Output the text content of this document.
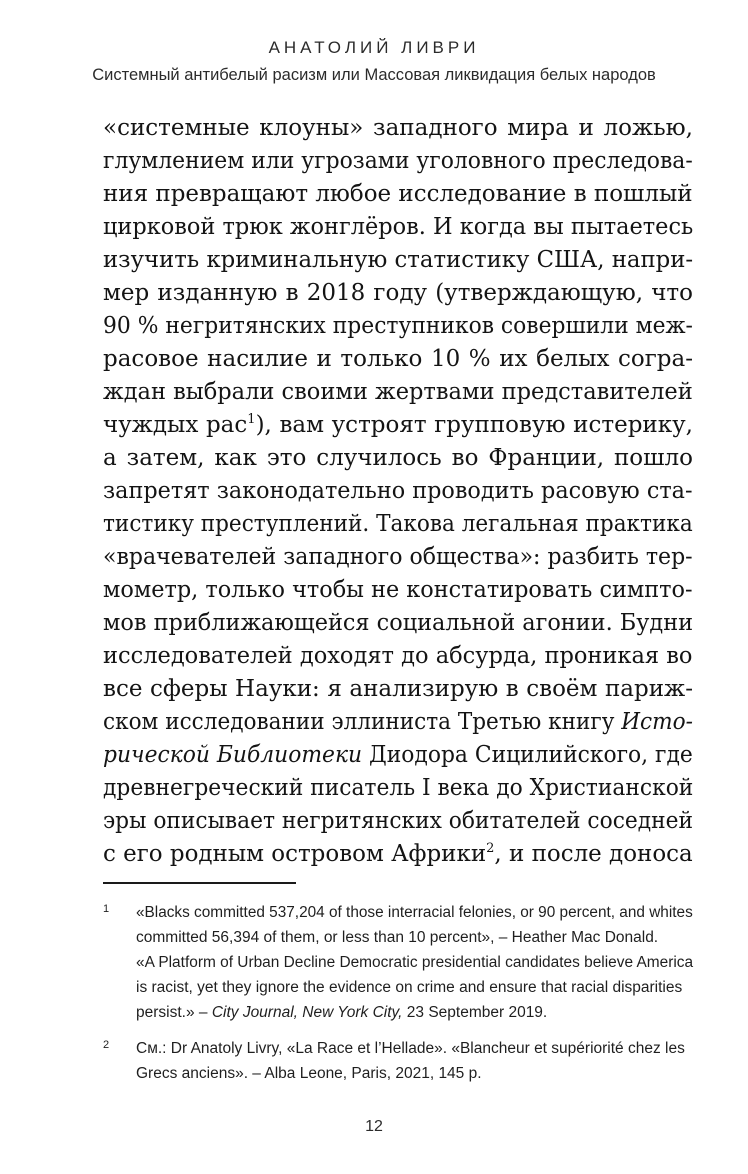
АНАТОЛИЙ ЛИВРИ
Системный антибелый расизм или Массовая ликвидация белых народов
«системные клоуны» западного мира и ложью,
глумлением или угрозами уголовного преследова-
ния превращают любое исследование в пошлый
цирковой трюк жонглёров. И когда вы пытаетесь
изучить криминальную статистику США, напри-
мер изданную в 2018 году (утверждающую, что
90 % негритянских преступников совершили меж-
расовое насилие и только 10 % их белых согра-
ждан выбрали своими жертвами представителей
чуждых рас$^1$), вам устроят групповую истерику,
а затем, как это случилось во Франции, пошло
запретят законодательно проводить расовую ста-
тистику преступлений. Такова легальная практика
«врачевателей западного общества»: разбить тер-
мометр, только чтобы не констатировать симпто-
мов приближающейся социальной агонии. Будни
исследователей доходят до абсурда, проникая во
все сферы Науки: я анализирую в своём париж-
ском исследовании эллиниста Третью книгу Исто-
рической Библиотеки Диодора Сицилийского, где
древнегреческий писатель I века до Христианской
эры описывает негритянских обитателей соседней
с его родным островом Африки$^2$, и после доноса
1 «Blacks committed 537,204 of those interracial felonies, or 90 percent, and whites
committed 56,394 of them, or less than 10 percent», – Heather Mac Donald.
«A Platform of Urban Decline Democratic presidential candidates believe America
is racist, yet they ignore the evidence on crime and ensure that racial disparities
persist.» – City Journal, New York City, 23 September 2019.
2 См.: Dr Anatoly Livry, «La Race et l’Hellade». «Blancheur et supériorité chez les
Grecs anciens». – Alba Leone, Paris, 2021, 145 p.
12
